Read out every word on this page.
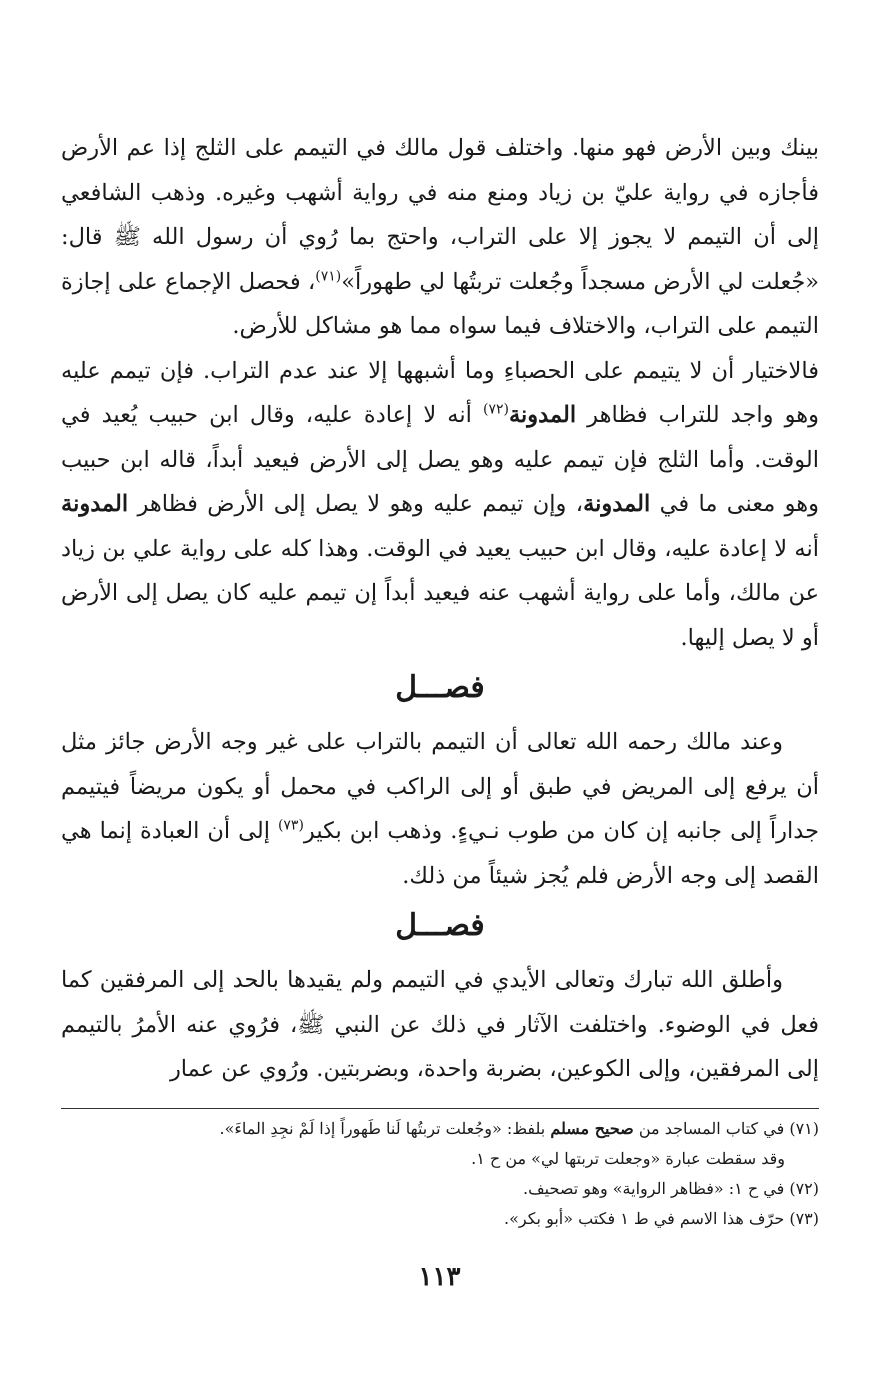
بينك وبين الأرض فهو منها. واختلف قول مالك في التيمم على الثلج إذا عم الأرض فأجازه في رواية عليّ بن زياد ومنع منه في رواية أشهب وغيره. وذهب الشافعي إلى أن التيمم لا يجوز إلا على التراب، واحتج بما رُوي أن رسول الله ﷺ قال: «جُعلت لي الأرض مسجداً وجُعلت تربتُها لي طهوراً»$^{(٧١)}$، فحصل الإجماع على إجازة التيمم على التراب، والاختلاف فيما سواه مما هو مشاكل للأرض.

فالاختيار أن لا يتيمم على الحصباءِ وما أشبهها إلا عند عدم التراب. فإن تيمم عليه وهو واجد للتراب فظاهر المدونة$^{(٧٢)}$ أنه لا إعادة عليه، وقال ابن حبيب يُعيد في الوقت. وأما الثلج فإن تيمم عليه وهو يصل إلى الأرض فيعيد أبداً، قاله ابن حبيب وهو معنى ما في المدونة، وإن تيمم عليه وهو لا يصل إلى الأرض فظاهر المدونة أنه لا إعادة عليه، وقال ابن حبيب يعيد في الوقت. وهذا كله على رواية علي بن زياد عن مالك، وأما على رواية أشهب عنه فيعيد أبداً إن تيمم عليه كان يصل إلى الأرض أو لا يصل إليها.

فصـــل

وعند مالك رحمه الله تعالى أن التيمم بالتراب على غير وجه الأرض جائز مثل أن يرفع إلى المريض في طبق أو إلى الراكب في محمل أو يكون مريضاً فيتيمم جداراً إلى جانبه إن كان من طوب نـيءٍ. وذهب ابن بكير$^{(٧٣)}$ إلى أن العبادة إنما هي القصد إلى وجه الأرض فلم يُجز شيئاً من ذلك.

فصـــل

وأطلق الله تبارك وتعالى الأيدي في التيمم ولم يقيدها بالحد إلى المرفقين كما فعل في الوضوء. واختلفت الآثار في ذلك عن النبي ﷺ، فرُوي عنه الأمرُ بالتيمم إلى المرفقين، وإلى الكوعين، بضربة واحدة، وبضربتين. ورُوي عن عمار

(٧١) في كتاب المساجد من صحيح مسلم بلفظ: «وجُعلت تربتُها لَنا طَهوراً إذا لَمْ نجِدِ الماءَ».

وقد سقطت عبارة «وجعلت تربتها لي» من ح ١.

(٧٢) في ح ١: «فظاهر الرواية» وهو تصحيف.

(٧٣) حرّف هذا الاسم في ط ١ فكتب «أبو بكر».

١١٣
